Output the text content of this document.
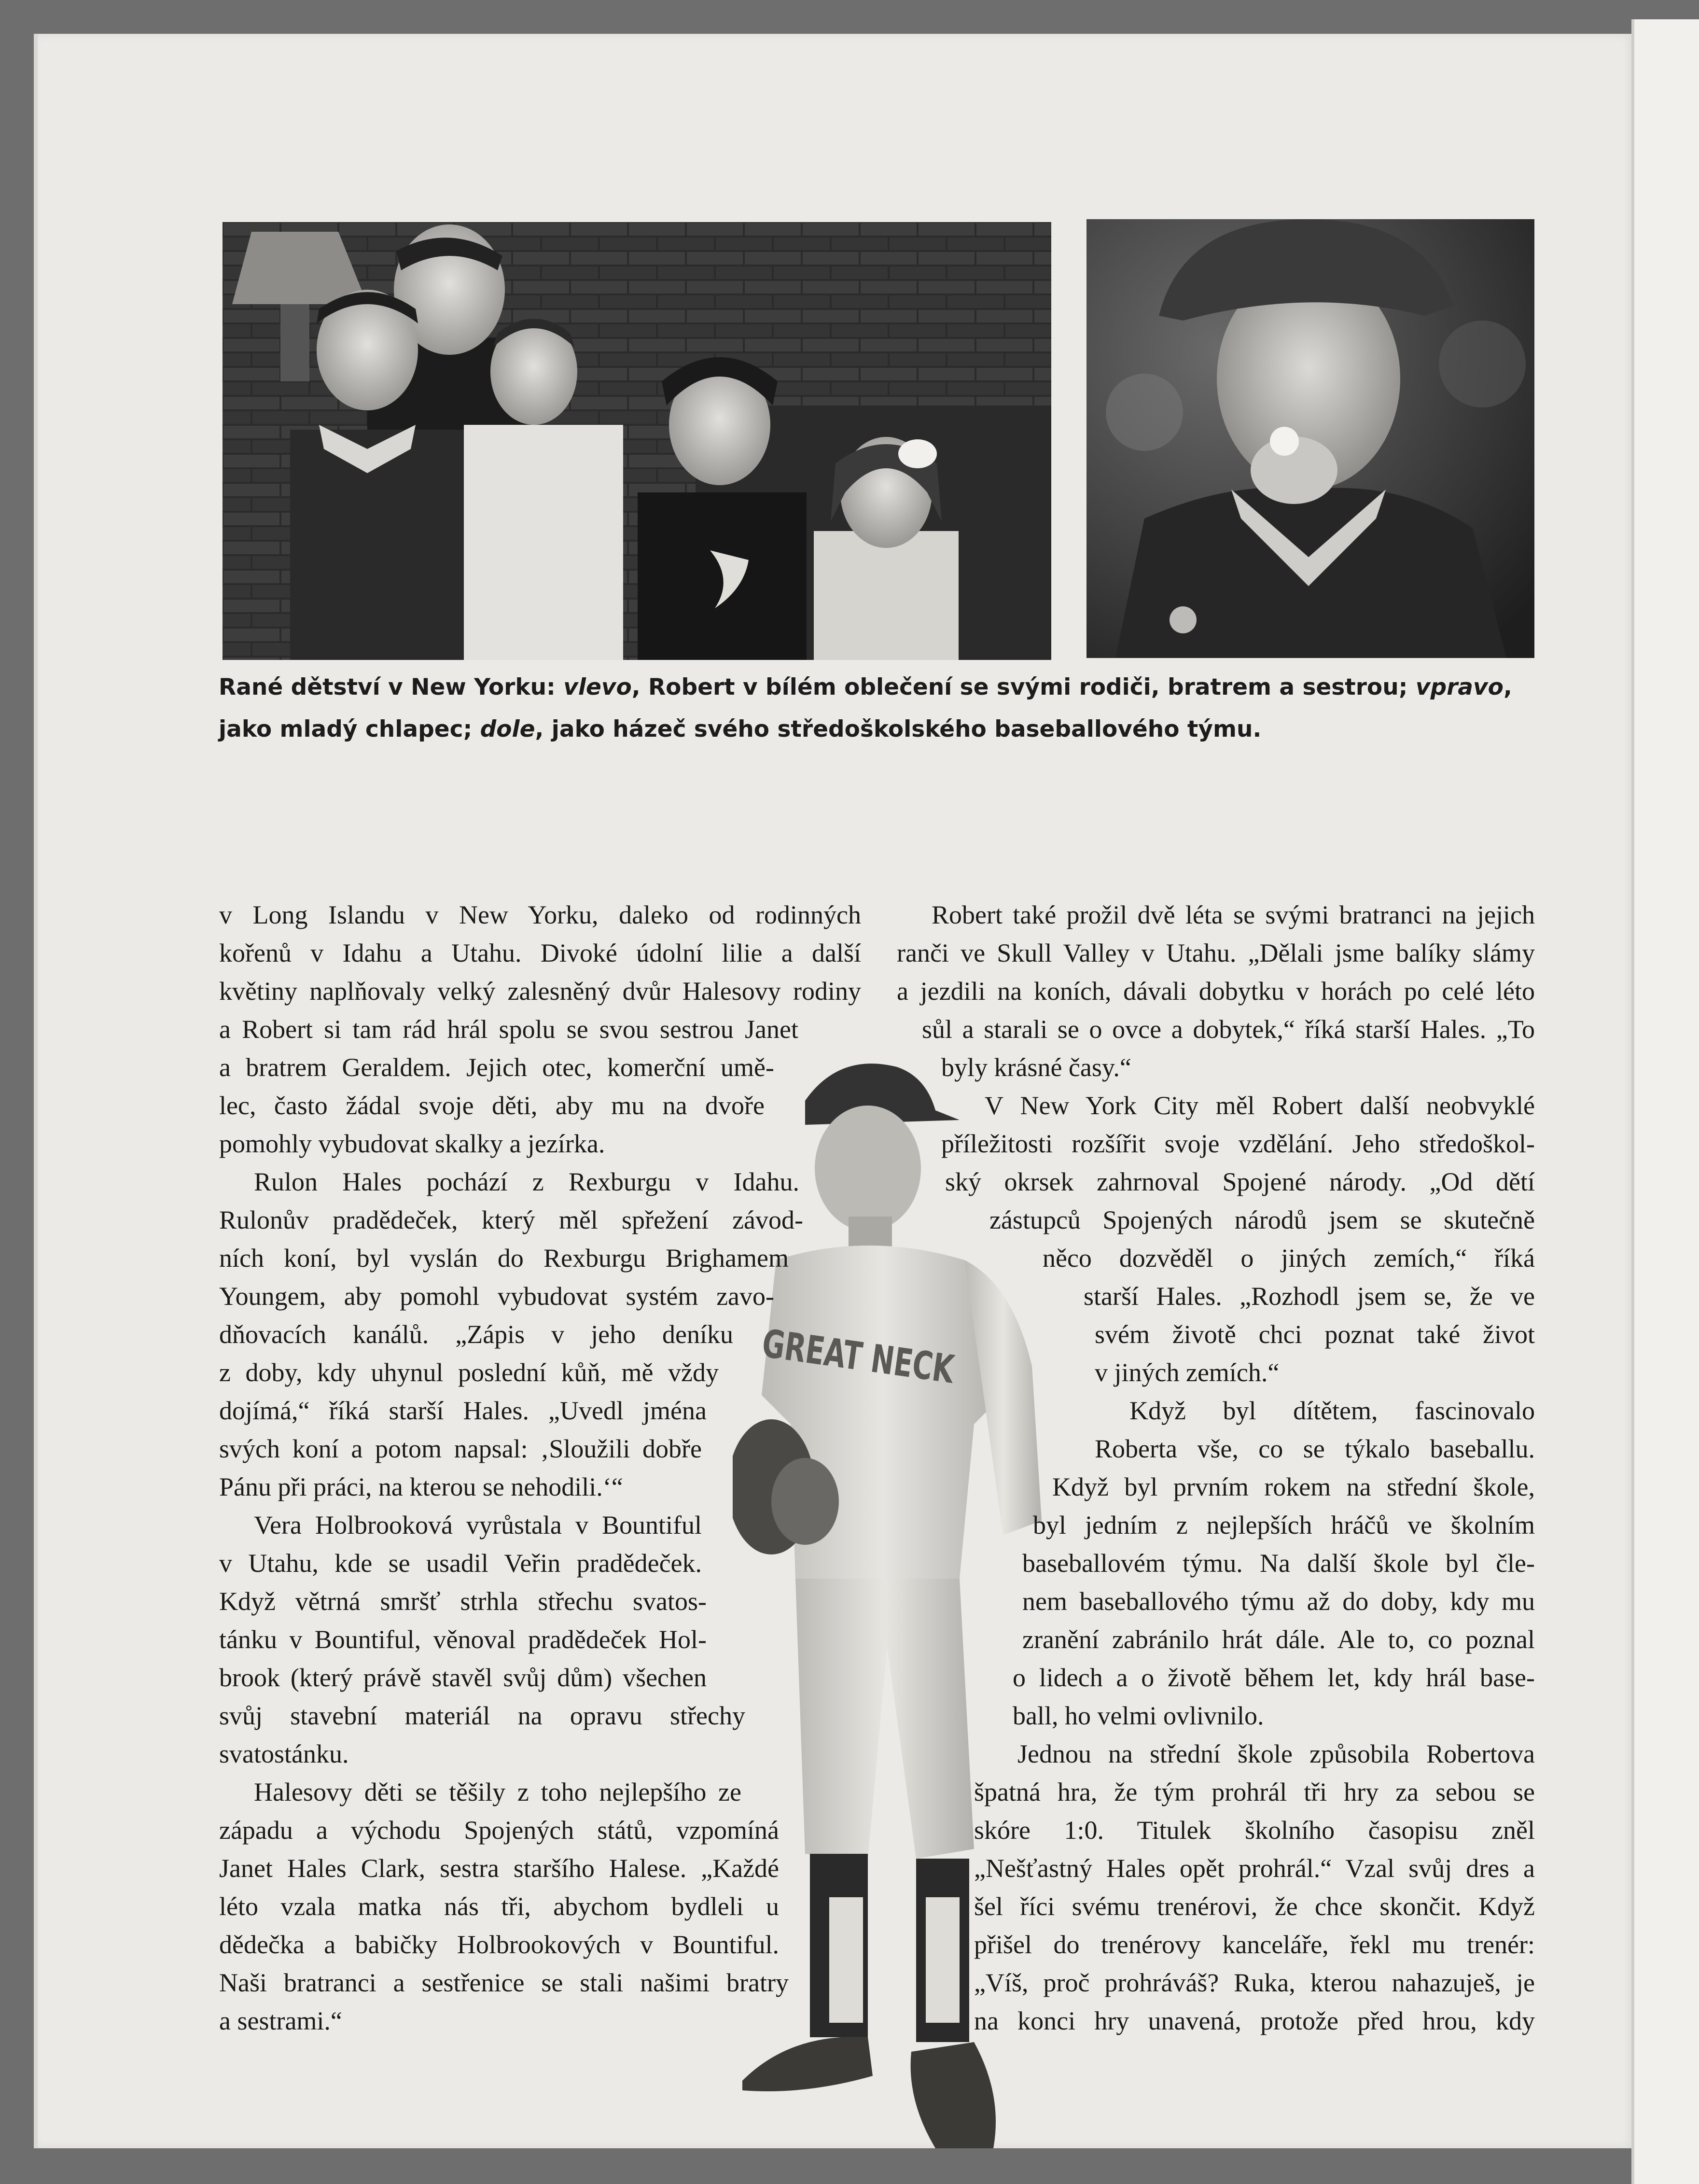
GREAT NECK
Rané dětství v New Yorku: vlevo, Robert v bílém oblečení se svými rodiči, bratrem a sestrou; vpravo, jako mladý chlapec; dole, jako házeč svého středoškolského baseballového týmu.
v Long Islandu v New Yorku, daleko od rodinných
kořenů v Idahu a Utahu. Divoké údolní lilie a další
květiny naplňovaly velký zalesněný dvůr Halesovy rodiny
a Robert si tam rád hrál spolu se svou sestrou Janet
a bratrem Geraldem. Jejich otec, komerční umě-
lec, často žádal svoje děti, aby mu na dvoře
pomohly vybudovat skalky a jezírka.
Rulon Hales pochází z Rexburgu v Idahu.
Rulonův pradědeček, který měl spřežení závod-
ních koní, byl vyslán do Rexburgu Brighamem
Youngem, aby pomohl vybudovat systém zavo-
dňovacích kanálů. „Zápis v jeho deníku
z doby, kdy uhynul poslední kůň, mě vždy
dojímá,“ říká starší Hales. „Uvedl jména
svých koní a potom napsal: ‚Sloužili dobře
Pánu při práci, na kterou se nehodili.‘“
Vera Holbrooková vyrůstala v Bountiful
v Utahu, kde se usadil Veřin pradědeček.
Když větrná smršť strhla střechu svatos-
tánku v Bountiful, věnoval pradědeček Hol-
brook (který právě stavěl svůj dům) všechen
svůj stavební materiál na opravu střechy
svatostánku.
Halesovy děti se těšily z toho nejlepšího ze
západu a východu Spojených států, vzpomíná
Janet Hales Clark, sestra staršího Halese. „Každé
léto vzala matka nás tři, abychom bydleli u
dědečka a babičky Holbrookových v Bountiful.
Naši bratranci a sestřenice se stali našimi bratry
a sestrami.“
Robert také prožil dvě léta se svými bratranci na jejich
ranči ve Skull Valley v Utahu. „Dělali jsme balíky slámy
a jezdili na koních, dávali dobytku v horách po celé léto
sůl a starali se o ovce a dobytek,“ říká starší Hales. „To
byly krásné časy.“
V New York City měl Robert další neobvyklé
příležitosti rozšířit svoje vzdělání. Jeho středoškol-
ský okrsek zahrnoval Spojené národy. „Od dětí
zástupců Spojených národů jsem se skutečně
něco dozvěděl o jiných zemích,“ říká
starší Hales. „Rozhodl jsem se, že ve
svém životě chci poznat také život
v jiných zemích.“
Když byl dítětem, fascinovalo
Roberta vše, co se týkalo baseballu.
Když byl prvním rokem na střední škole,
byl jedním z nejlepších hráčů ve školním
baseballovém týmu. Na další škole byl čle-
nem baseballového týmu až do doby, kdy mu
zranění zabránilo hrát dále. Ale to, co poznal
o lidech a o životě během let, kdy hrál base-
ball, ho velmi ovlivnilo.
Jednou na střední škole způsobila Robertova
špatná hra, že tým prohrál tři hry za sebou se
skóre 1:0. Titulek školního časopisu zněl
„Nešťastný Hales opět prohrál.“ Vzal svůj dres a
šel říci svému trenérovi, že chce skončit. Když
přišel do trenérovy kanceláře, řekl mu trenér:
„Víš, proč prohráváš? Ruka, kterou nahazuješ, je
na konci hry unavená, protože před hrou, kdy
